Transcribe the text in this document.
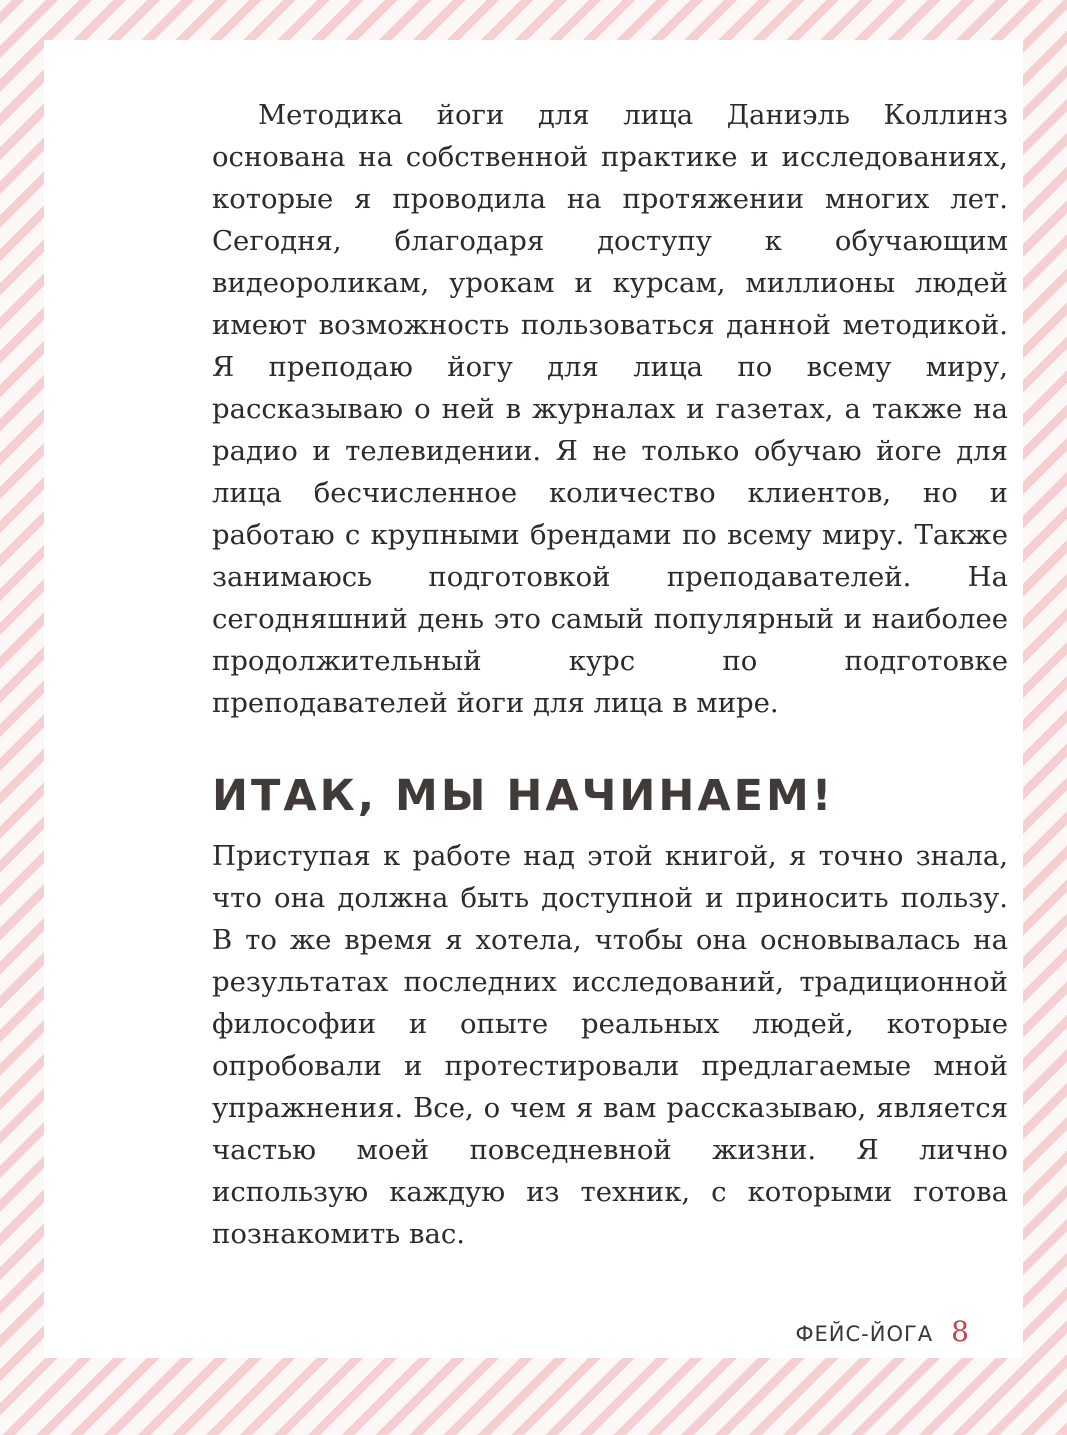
Методика йоги для лица Даниэль Коллинз основана на собственной практике и исследованиях, которые я проводила на протяжении многих лет. Сегодня, благодаря доступу к обучающим видеороликам, урокам и курсам, миллионы людей имеют возможность пользоваться данной методикой. Я преподаю йогу для лица по всему миру, рассказываю о ней в журналах и газетах, а также на радио и телевидении. Я не только обучаю йоге для лица бесчисленное количество клиентов, но и работаю с крупными брендами по всему миру. Также занимаюсь подготовкой преподавателей. На сегодняшний день это самый популярный и наиболее продолжительный курс по подготовке преподавателей йоги для лица в мире.

ИТАК, МЫ НАЧИНАЕМ!

Приступая к работе над этой книгой, я точно знала, что она должна быть доступной и приносить пользу. В то же время я хотела, чтобы она основывалась на результатах последних исследований, традиционной философии и опыте реальных людей, которые опробовали и протестировали предлагаемые мной упражнения. Все, о чем я вам рассказываю, является частью моей повседневной жизни. Я лично использую каждую из техник, с которыми готова познакомить вас.

ФЕЙС-ЙОГА 8
